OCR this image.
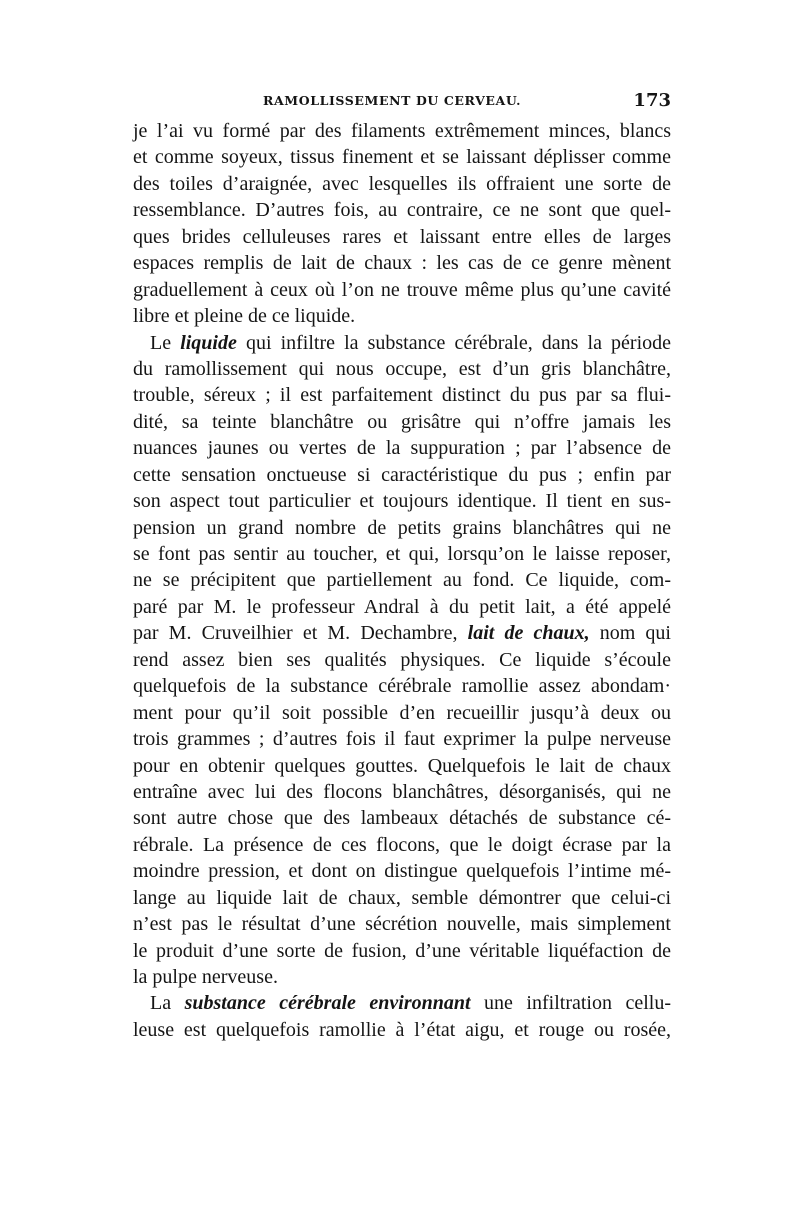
RAMOLLISSEMENT DU CERVEAU.	173
je l’ai vu formé par des filaments extrêmement minces, blancs
et comme soyeux, tissus finement et se laissant déplisser comme
des toiles d’araignée, avec lesquelles ils offraient une sorte de
ressemblance. D’autres fois, au contraire, ce ne sont que quel-
ques brides celluleuses rares et laissant entre elles de larges
espaces remplis de lait de chaux : les cas de ce genre mènent
graduellement à ceux où l’on ne trouve même plus qu’une cavité
libre et pleine de ce liquide.
Le liquide qui infiltre la substance cérébrale, dans la période
du ramollissement qui nous occupe, est d’un gris blanchâtre,
trouble, séreux ; il est parfaitement distinct du pus par sa flui-
dité, sa teinte blanchâtre ou grisâtre qui n’offre jamais les
nuances jaunes ou vertes de la suppuration ; par l’absence de
cette sensation onctueuse si caractéristique du pus ; enfin par
son aspect tout particulier et toujours identique. Il tient en sus-
pension un grand nombre de petits grains blanchâtres qui ne
se font pas sentir au toucher, et qui, lorsqu’on le laisse reposer,
ne se précipitent que partiellement au fond. Ce liquide, com-
paré par M. le professeur Andral à du petit lait, a été appelé
par M. Cruveilhier et M. Dechambre, lait de chaux, nom qui
rend assez bien ses qualités physiques. Ce liquide s’écoule
quelquefois de la substance cérébrale ramollie assez abondam·
ment pour qu’il soit possible d’en recueillir jusqu’à deux ou
trois grammes ; d’autres fois il faut exprimer la pulpe nerveuse
pour en obtenir quelques gouttes. Quelquefois le lait de chaux
entraîne avec lui des flocons blanchâtres, désorganisés, qui ne
sont autre chose que des lambeaux détachés de substance cé-
rébrale. La présence de ces flocons, que le doigt écrase par la
moindre pression, et dont on distingue quelquefois l’intime mé-
lange au liquide lait de chaux, semble démontrer que celui-ci
n’est pas le résultat d’une sécrétion nouvelle, mais simplement
le produit d’une sorte de fusion, d’une véritable liquéfaction de
la pulpe nerveuse.
La substance cérébrale environnant une infiltration cellu-
leuse est quelquefois ramollie à l’état aigu, et rouge ou rosée,
